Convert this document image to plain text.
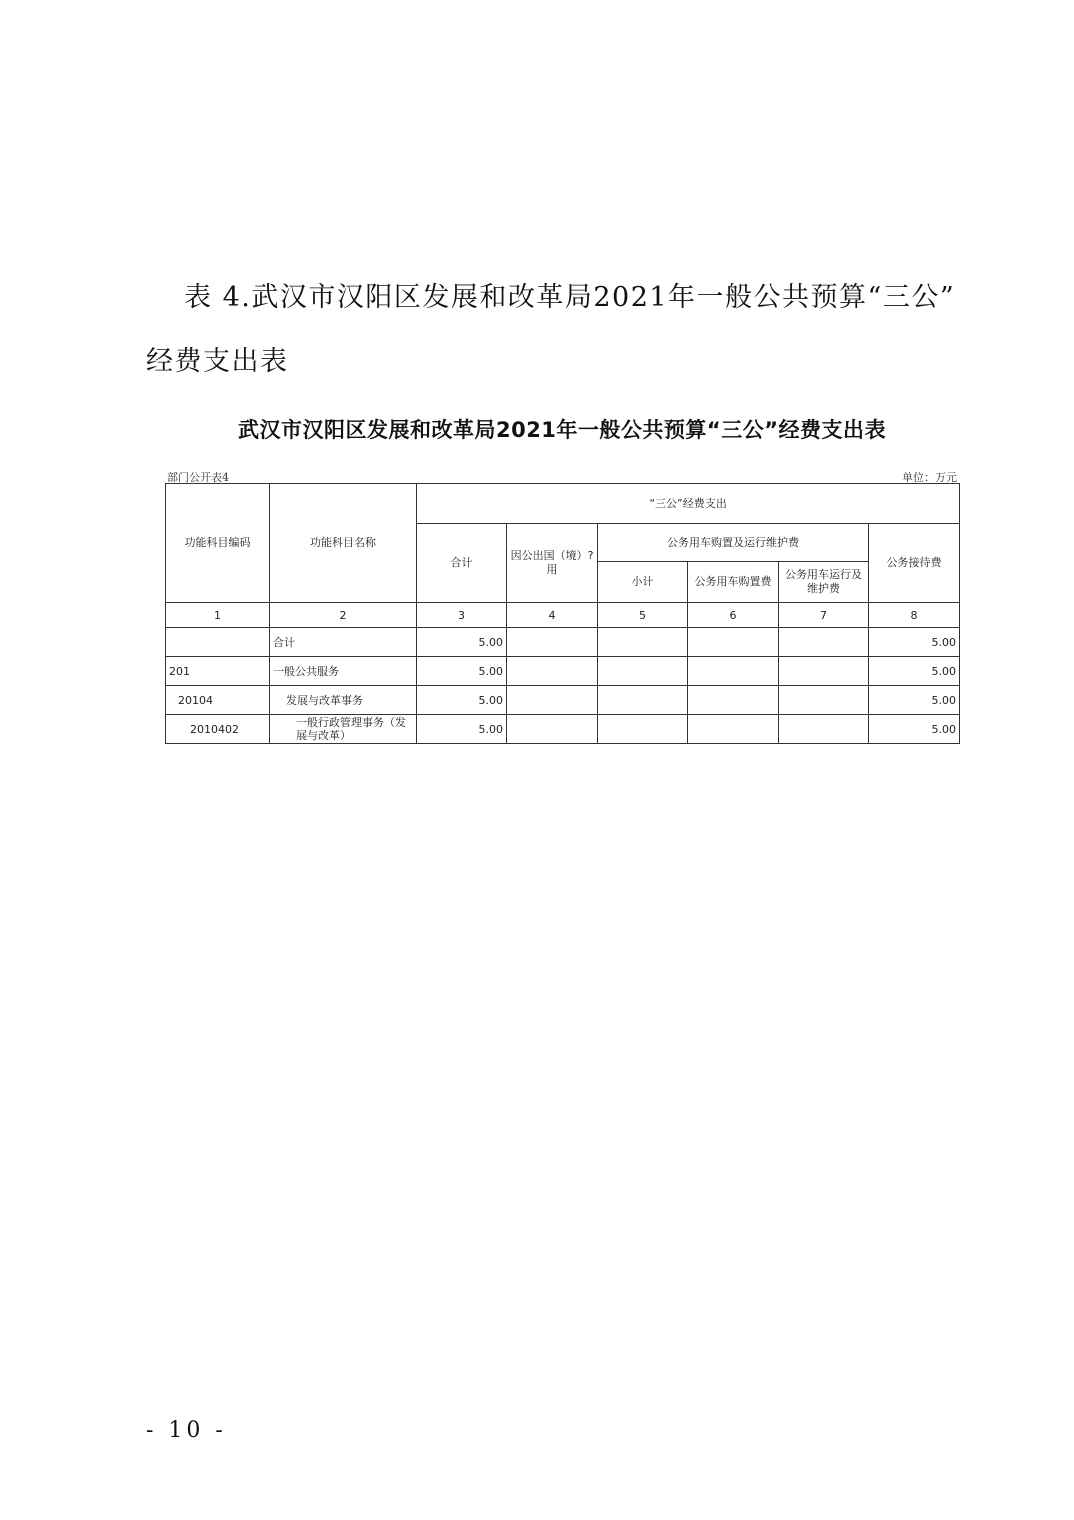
表 4.武汉市汉阳区发展和改革局2021年一般公共预算“三公”
经费支出表
武汉市汉阳区发展和改革局2021年一般公共预算“三公”经费支出表
部门公开表4	单位：万元
功能科目编码	功能科目名称	“三公”经费支出					
		合计	因公出国（境）?用	公务用车购置及运行维护费			公务接待费
				小计	公务用车购置费	公务用车运行及维护费	
1	2	3	4	5	6	7	8
	合计	5.00					5.00
201	一般公共服务	5.00					5.00
20104	发展与改革事务	5.00					5.00
2010402	一般行政管理事务（发展与改革）	5.00					5.00
- 10 -
